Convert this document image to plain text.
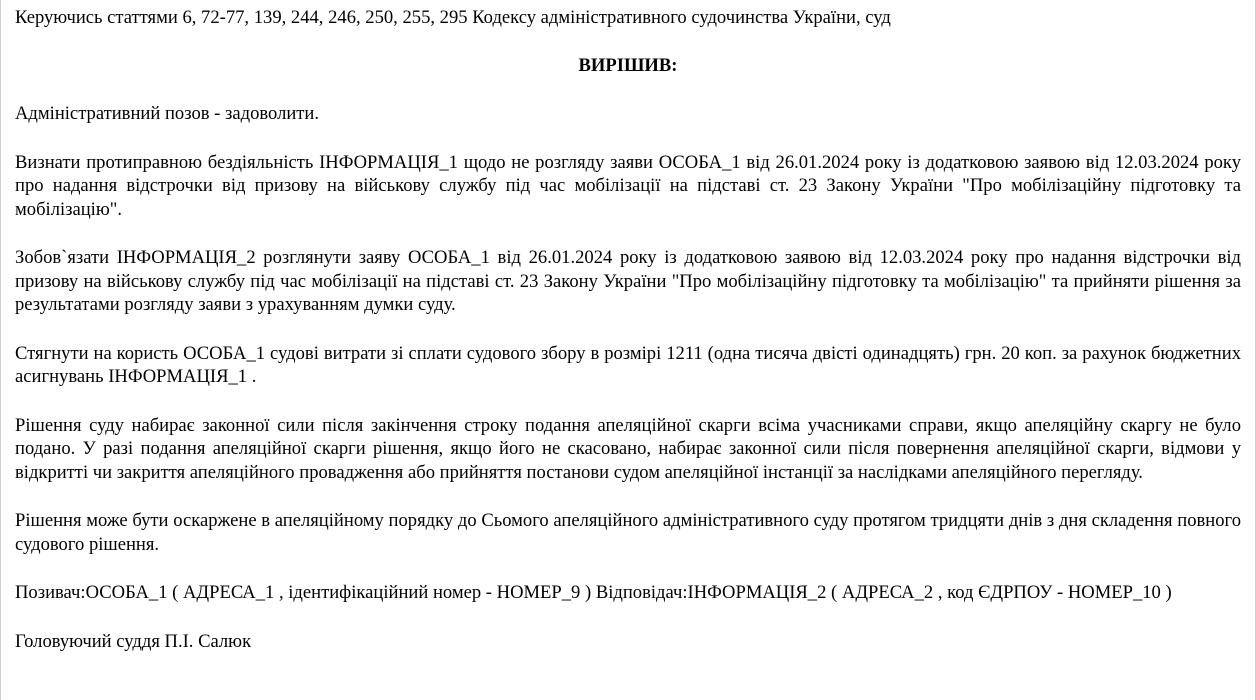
Керуючись статтями 6, 72-77, 139, 244, 246, 250, 255, 295 Кодексу адміністративного судочинства України, суд

ВИРІШИВ:

Адміністративний позов - задоволити.

Визнати протиправною бездіяльність ІНФОРМАЦІЯ_1 щодо не розгляду заяви ОСОБА_1 від 26.01.2024 року із додатковою заявою від 12.03.2024 року про надання відстрочки від призову на військову службу під час мобілізації на підставі ст. 23 Закону України "Про мобілізаційну підготовку та мобілізацію".

Зобов`язати ІНФОРМАЦІЯ_2 розглянути заяву ОСОБА_1 від 26.01.2024 року із додатковою заявою від 12.03.2024 року про надання відстрочки від призову на військову службу під час мобілізації на підставі ст. 23 Закону України "Про мобілізаційну підготовку та мобілізацію" та прийняти рішення за результатами розгляду заяви з урахуванням думки суду.

Стягнути на користь ОСОБА_1 судові витрати зі сплати судового збору в розмірі 1211 (одна тисяча двісті одинадцять) грн. 20 коп. за рахунок бюджетних асигнувань ІНФОРМАЦІЯ_1 .

Рішення суду набирає законної сили після закінчення строку подання апеляційної скарги всіма учасниками справи, якщо апеляційну скаргу не було подано. У разі подання апеляційної скарги рішення, якщо його не скасовано, набирає законної сили після повернення апеляційної скарги, відмови у відкритті чи закриття апеляційного провадження або прийняття постанови судом апеляційної інстанції за наслідками апеляційного перегляду.

Рішення може бути оскаржене в апеляційному порядку до Сьомого апеляційного адміністративного суду протягом тридцяти днів з дня складення повного судового рішення.

Позивач:ОСОБА_1 ( АДРЕСА_1 , ідентифікаційний номер - НОМЕР_9 ) Відповідач:ІНФОРМАЦІЯ_2 ( АДРЕСА_2 , код ЄДРПОУ - НОМЕР_10 )

Головуючий суддя П.І. Салюк
